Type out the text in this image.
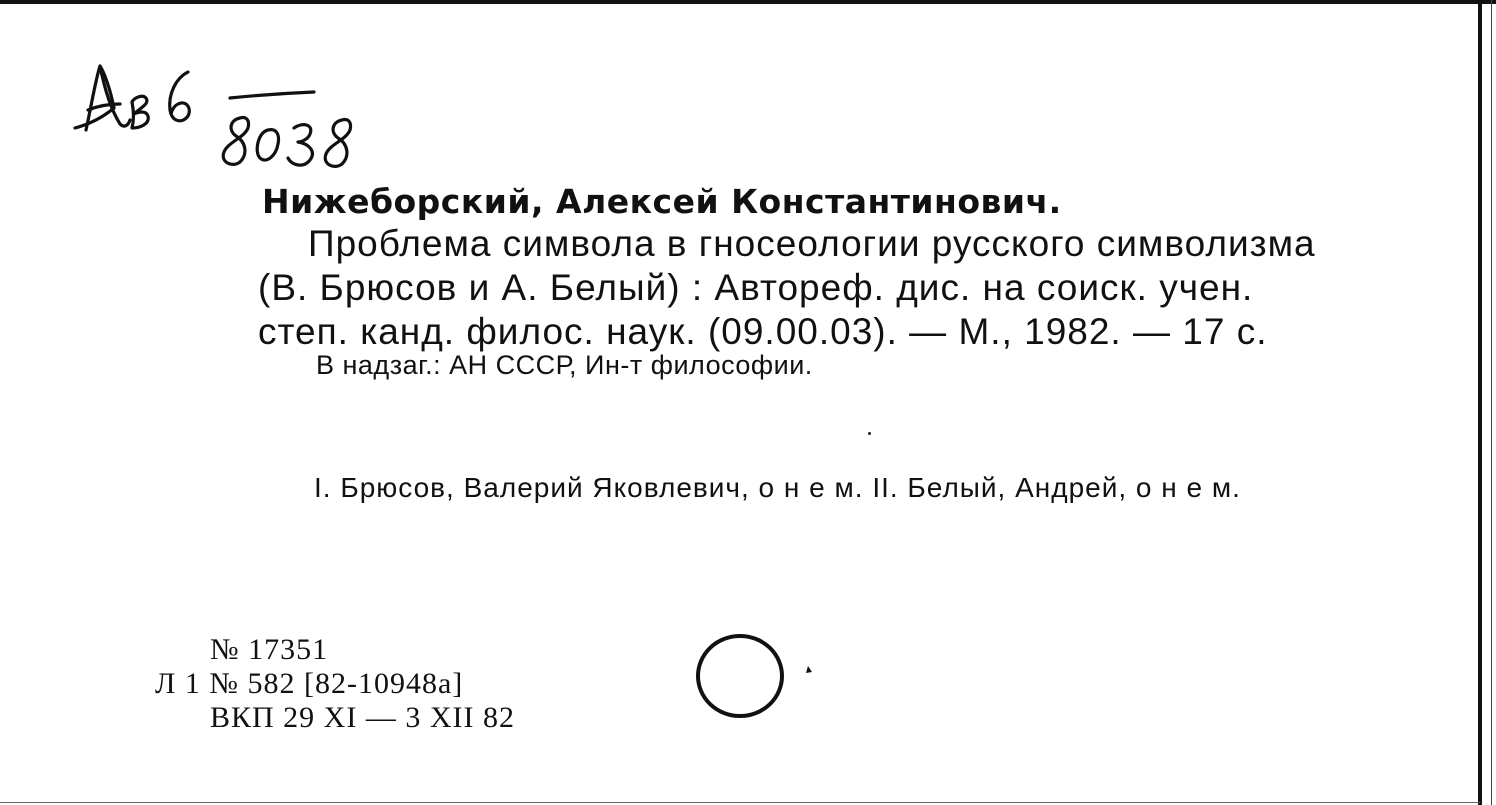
Нижеборский, Алексей Константинович.
Проблема символа в гносеологии русского символизма
(В. Брюсов и А. Белый) : Автореф. дис. на соиск. учен.
степ. канд. филос. наук. (09.00.03). — М., 1982. — 17 с.
В надзаг.: АН СССР, Ин-т философии.
I. Брюсов, Валерий Яковлевич, о н е м. II. Белый, Андрей, о н е м.
№ 17351
Л 1 № 582 [82-10948а]
ВКП 29 XI — 3 XII 82
